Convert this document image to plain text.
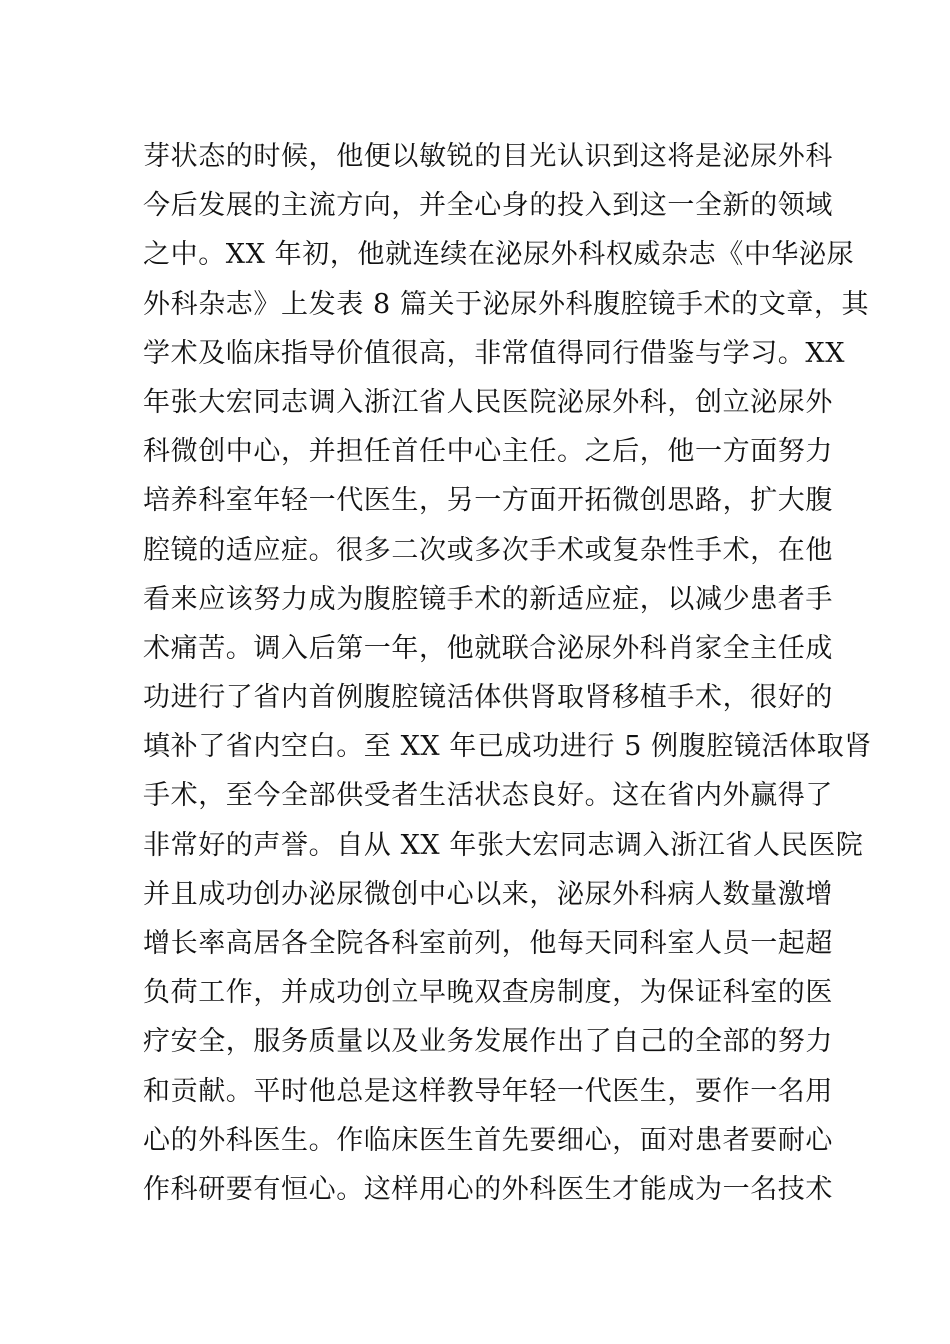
芽状态的时候，他便以敏锐的目光认识到这将是泌尿外科
今后发展的主流方向，并全心身的投入到这一全新的领域
之中。XX 年初，他就连续在泌尿外科权威杂志《中华泌尿
外科杂志》上发表 8 篇关于泌尿外科腹腔镜手术的文章，其
学术及临床指导价值很高，非常值得同行借鉴与学习。XX
年张大宏同志调入浙江省人民医院泌尿外科，创立泌尿外
科微创中心，并担任首任中心主任。之后，他一方面努力
培养科室年轻一代医生，另一方面开拓微创思路，扩大腹
腔镜的适应症。很多二次或多次手术或复杂性手术，在他
看来应该努力成为腹腔镜手术的新适应症，以减少患者手
术痛苦。调入后第一年，他就联合泌尿外科肖家全主任成
功进行了省内首例腹腔镜活体供肾取肾移植手术，很好的
填补了省内空白。至 XX 年已成功进行 5 例腹腔镜活体取肾
手术，至今全部供受者生活状态良好。这在省内外赢得了
非常好的声誉。自从 XX 年张大宏同志调入浙江省人民医院
并且成功创办泌尿微创中心以来，泌尿外科病人数量激增
增长率高居各全院各科室前列，他每天同科室人员一起超
负荷工作，并成功创立早晚双查房制度，为保证科室的医
疗安全，服务质量以及业务发展作出了自己的全部的努力
和贡献。平时他总是这样教导年轻一代医生，要作一名用
心的外科医生。作临床医生首先要细心，面对患者要耐心
作科研要有恒心。这样用心的外科医生才能成为一名技术
